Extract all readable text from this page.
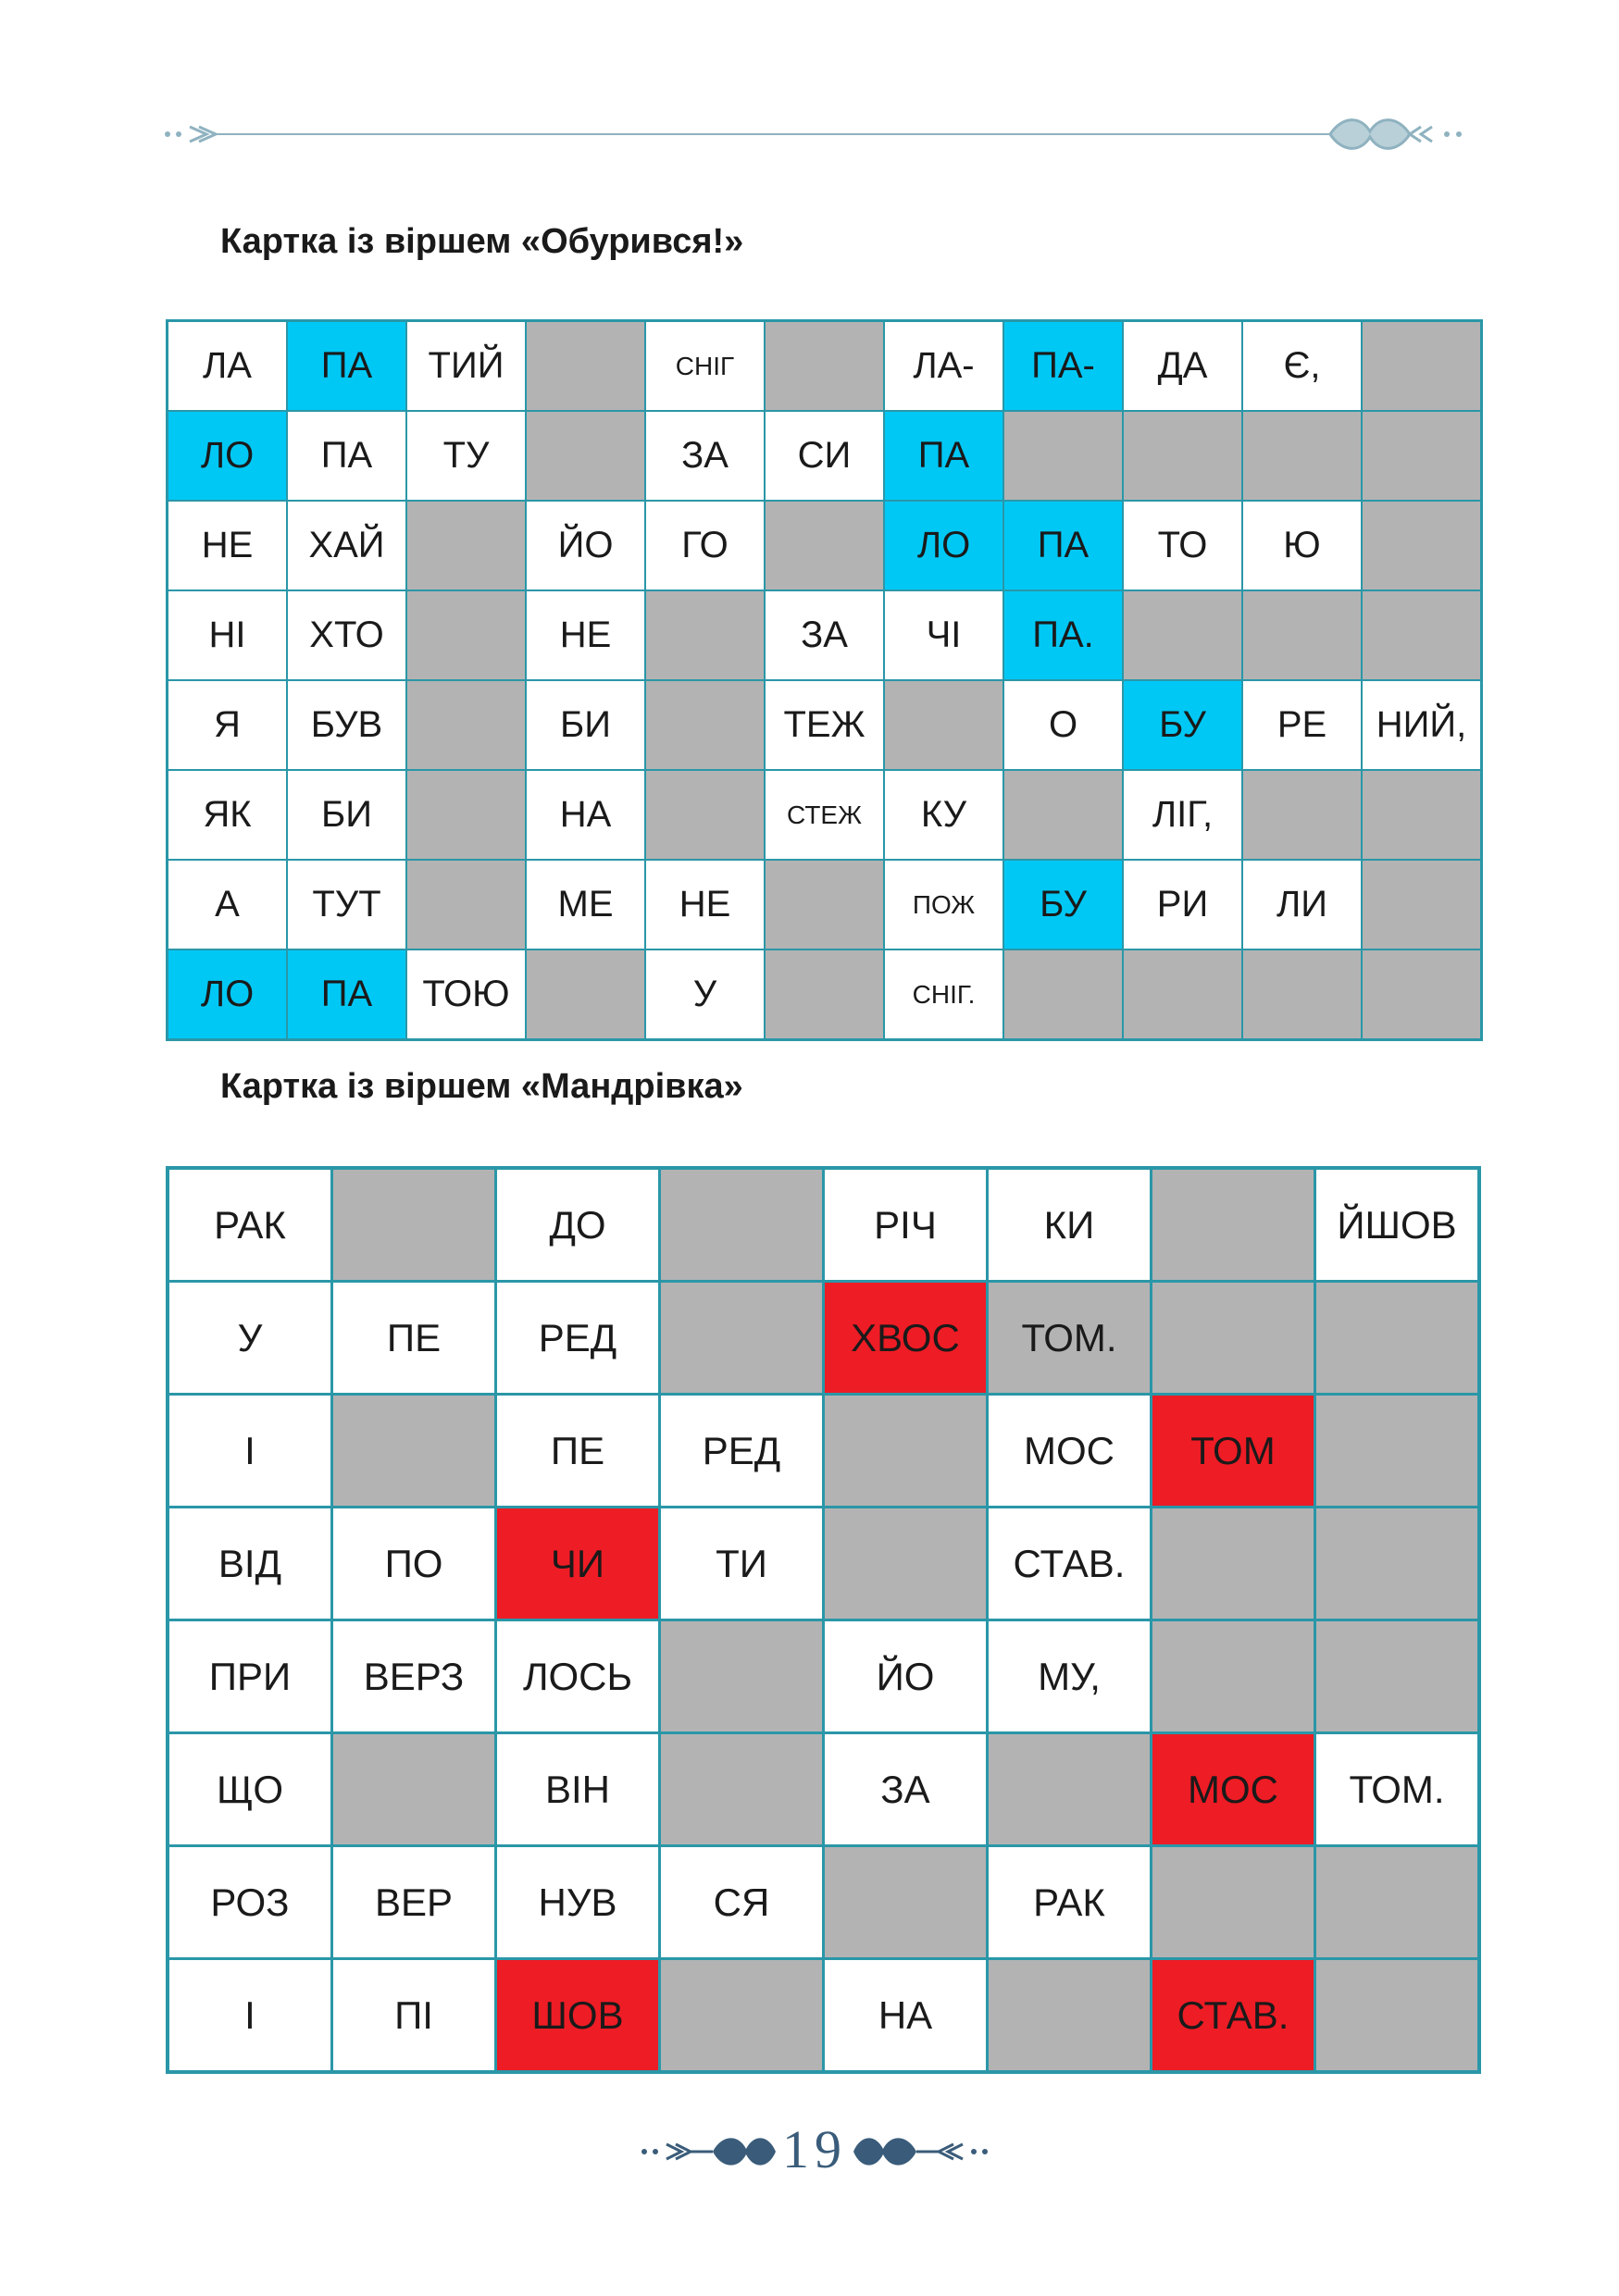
Картка із віршем «Обурився!»
ЛА	ПА	ТИЙ		СНІГ		ЛА-	ПА-	ДА	Є,	
ЛО	ПА	ТУ		ЗА	СИ	ПА				
НЕ	ХАЙ		ЙО	ГО		ЛО	ПА	ТО	Ю	
НІ	ХТО		НЕ		ЗА	ЧІ	ПА.			
Я	БУВ		БИ		ТЕЖ		О	БУ	РЕ	НИЙ,
ЯК	БИ		НА		СТЕЖ	КУ		ЛІГ,		
А	ТУТ		МЕ	НЕ		ПОЖ	БУ	РИ	ЛИ	
ЛО	ПА	ТОЮ		У		СНІГ.				
Картка із віршем «Мандрівка»
РАК		ДО		РІЧ	КИ		ЙШОВ
У	ПЕ	РЕД		ХВОС	ТОМ.		
І		ПЕ	РЕД		МОС	ТОМ	
ВІД	ПО	ЧИ	ТИ		СТАВ.		
ПРИ	ВЕРЗ	ЛОСЬ		ЙО	МУ,		
ЩО		ВІН		ЗА		МОС	ТОМ.
РОЗ	ВЕР	НУВ	СЯ		РАК		
І	ПІ	ШОВ		НА		СТАВ.	
19
